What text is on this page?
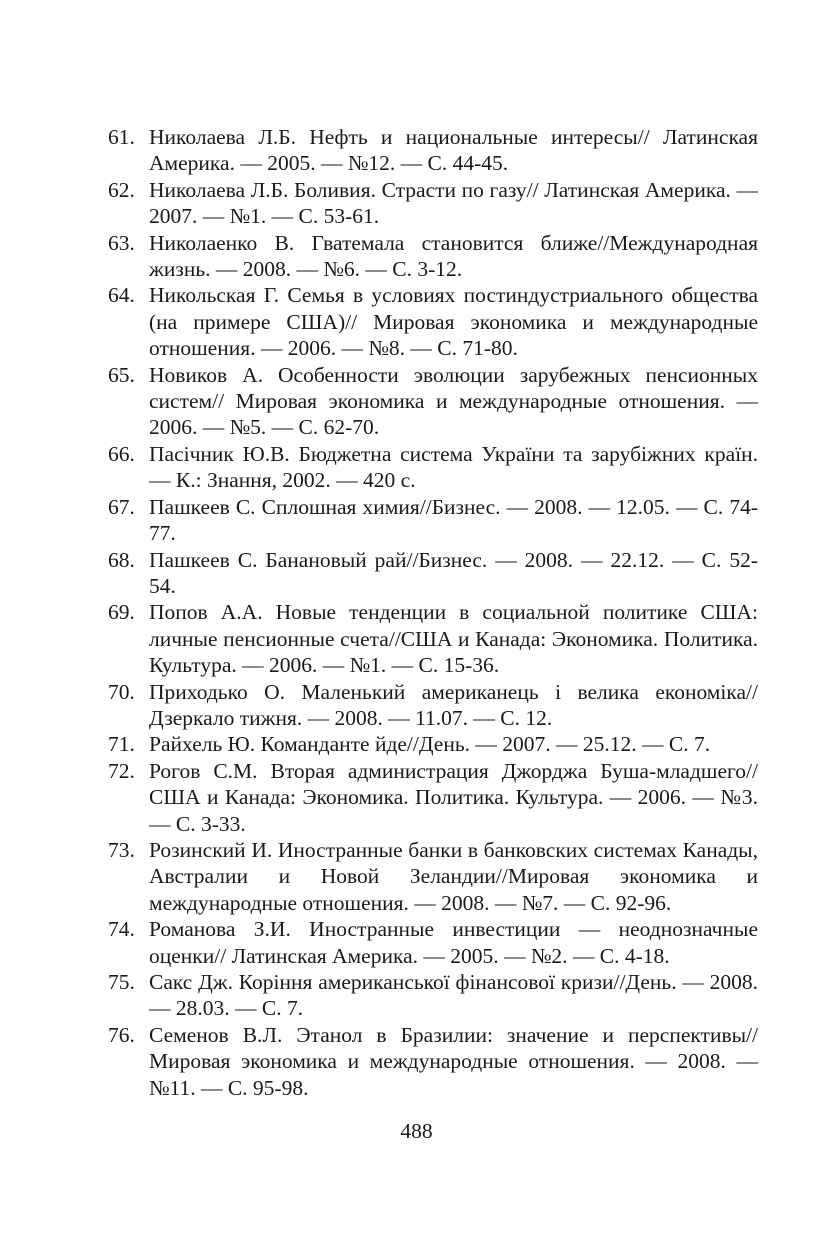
61. Николаева Л.Б. Нефть и национальные интересы// Латинская Америка. — 2005. — №12. — С. 44-45.
62. Николаева Л.Б. Боливия. Страсти по газу// Латинская Америка. — 2007. — №1. — С. 53-61.
63. Николаенко В. Гватемала становится ближе//Международная жизнь. — 2008. — №6. — С. 3-12.
64. Никольская Г. Семья в условиях постиндустриального общества (на примере США)// Мировая экономика и международные отношения. — 2006. — №8. — С. 71-80.
65. Новиков А. Особенности эволюции зарубежных пенсионных систем// Мировая экономика и международные отношения. — 2006. — №5. — С. 62-70.
66. Пасічник Ю.В. Бюджетна система України та зарубіжних країн. — К.: Знання, 2002. — 420 с.
67. Пашкеев С. Сплошная химия//Бизнес. — 2008. — 12.05. — С. 74-77.
68. Пашкеев С. Банановый рай//Бизнес. — 2008. — 22.12. — С. 52-54.
69. Попов А.А. Новые тенденции в социальной политике США: личные пенсионные счета//США и Канада: Экономика. Политика. Культура. — 2006. — №1. — С. 15-36.
70. Приходько О. Маленький американець і велика економіка// Дзеркало тижня. — 2008. — 11.07. — С. 12.
71. Райхель Ю. Команданте йде//День. — 2007. — 25.12. — С. 7.
72. Рогов С.М. Вторая администрация Джорджа Буша-младшего//США и Канада: Экономика. Политика. Культура. — 2006. — №3. — С. 3-33.
73. Розинский И. Иностранные банки в банковских системах Канады, Австралии и Новой Зеландии//Мировая экономика и международные отношения. — 2008. — №7. — С. 92-96.
74. Романова З.И. Иностранные инвестиции — неоднозначные оценки// Латинская Америка. — 2005. — №2. — С. 4-18.
75. Сакс Дж. Коріння американської фінансової кризи//День. — 2008. — 28.03. — С. 7.
76. Семенов В.Л. Этанол в Бразилии: значение и перспективы// Мировая экономика и международные отношения. — 2008. — №11. — С. 95-98.
488
